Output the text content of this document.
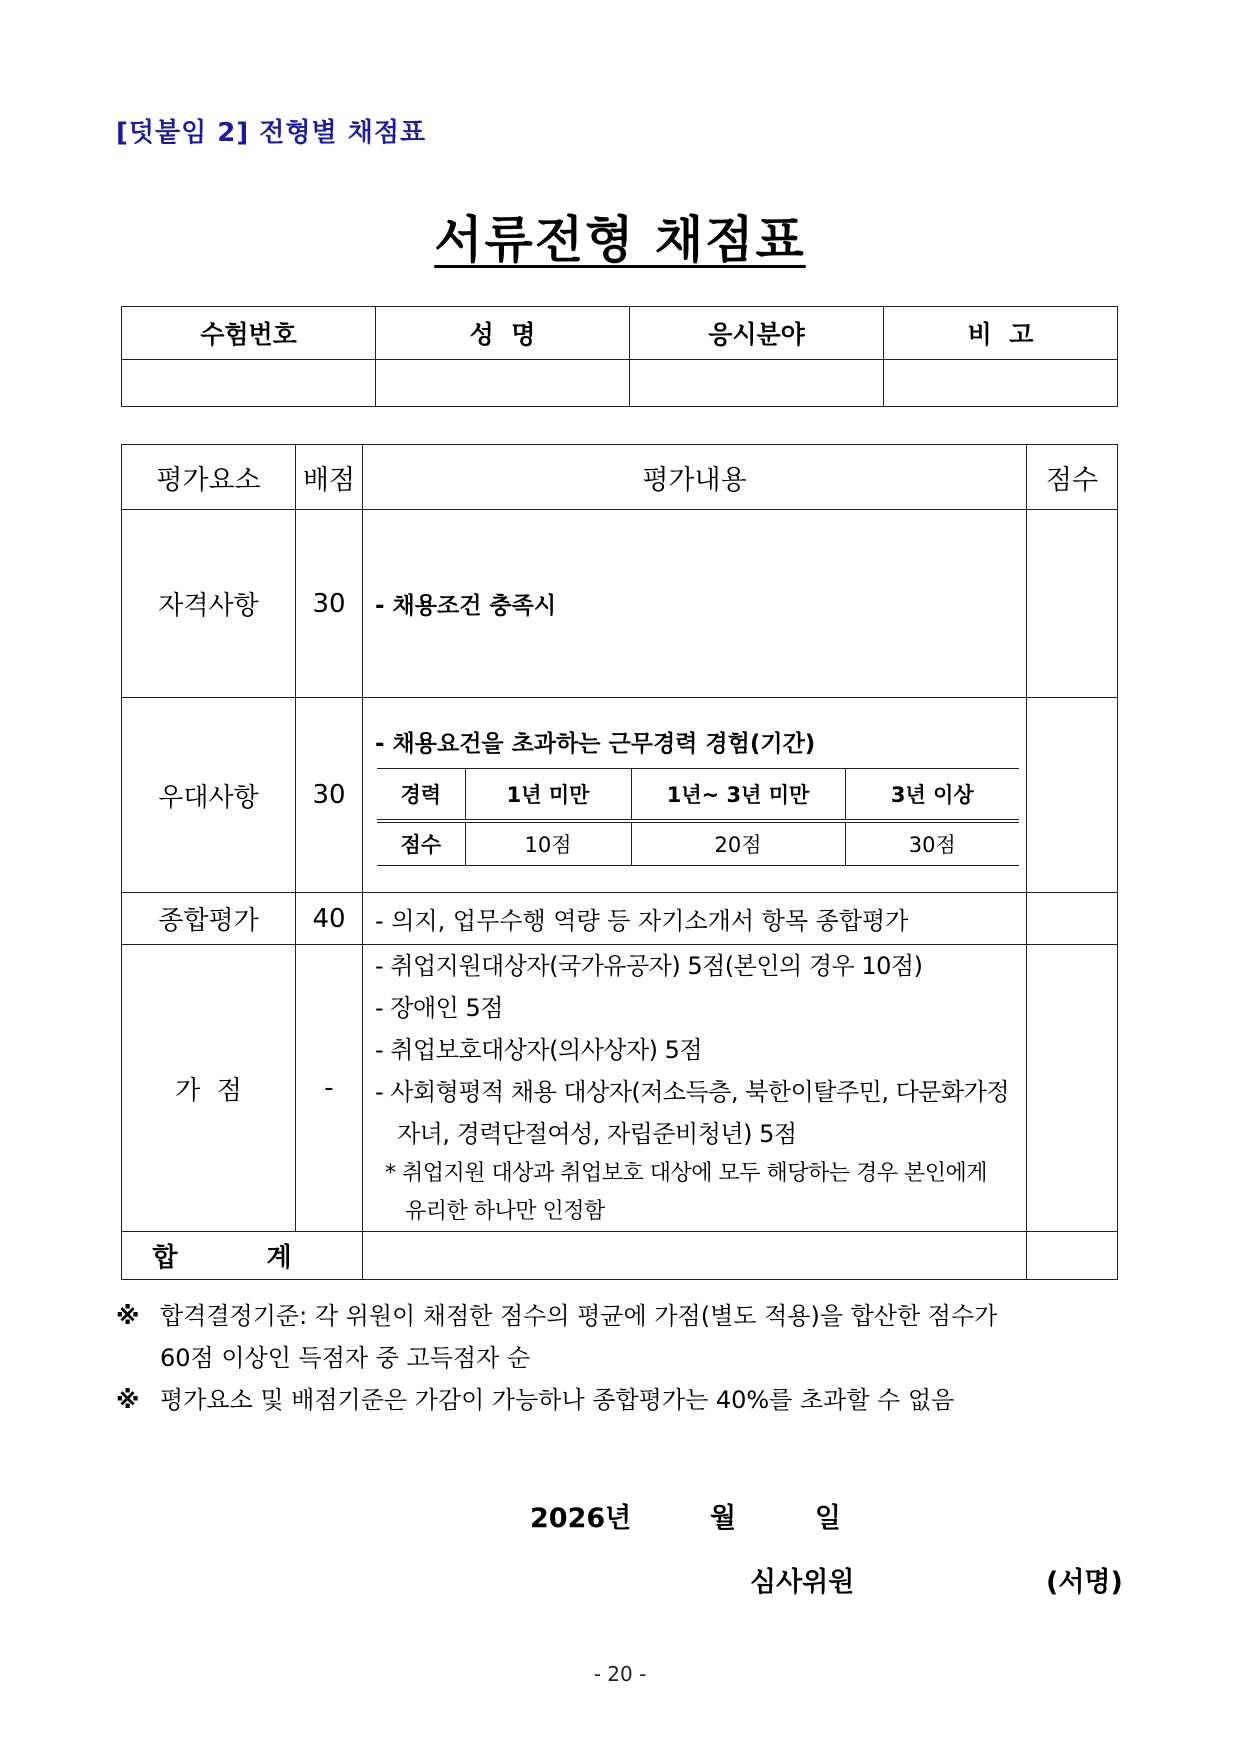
[덧붙임 2] 전형별 채점표
서류전형 채점표
수험번호	성  명	응시분야	비  고

평가요소	배점	평가내용	점수
자격사항	30	- 채용조건 충족시

우대사항	30	
- 채용요건을 초과하는 근무경력 경험(기간)
경력	1년 미만	1년~ 3년 미만	3년 이상
점수	10점	20점	30점

종합평가	40	- 의지, 업무수행 역량 등 자기소개서 항목 종합평가

가  점	-	
- 취업지원대상자(국가유공자) 5점(본인의 경우 10점)
- 장애인 5점
- 취업보호대상자(의사상자) 5점
- 사회형평적 채용 대상자(저소득층, 북한이탈주민, 다문화가정
자녀, 경력단절여성, 자립준비청년) 5점
* 취업지원 대상과 취업보호 대상에 모두 해당하는 경우 본인에게
유리한 하나만 인정함

합 계		

※ 합격결정기준: 각 위원이 채점한 점수의 평균에 가점(별도 적용)을 합산한 점수가

60점 이상인 득점자 중 고득점자 순

※ 평가요소 및 배점기준은 가감이 가능하나 종합평가는 40%를 초과할 수 없음

2026년  월  일
심사위원	(서명)
- 20 -
